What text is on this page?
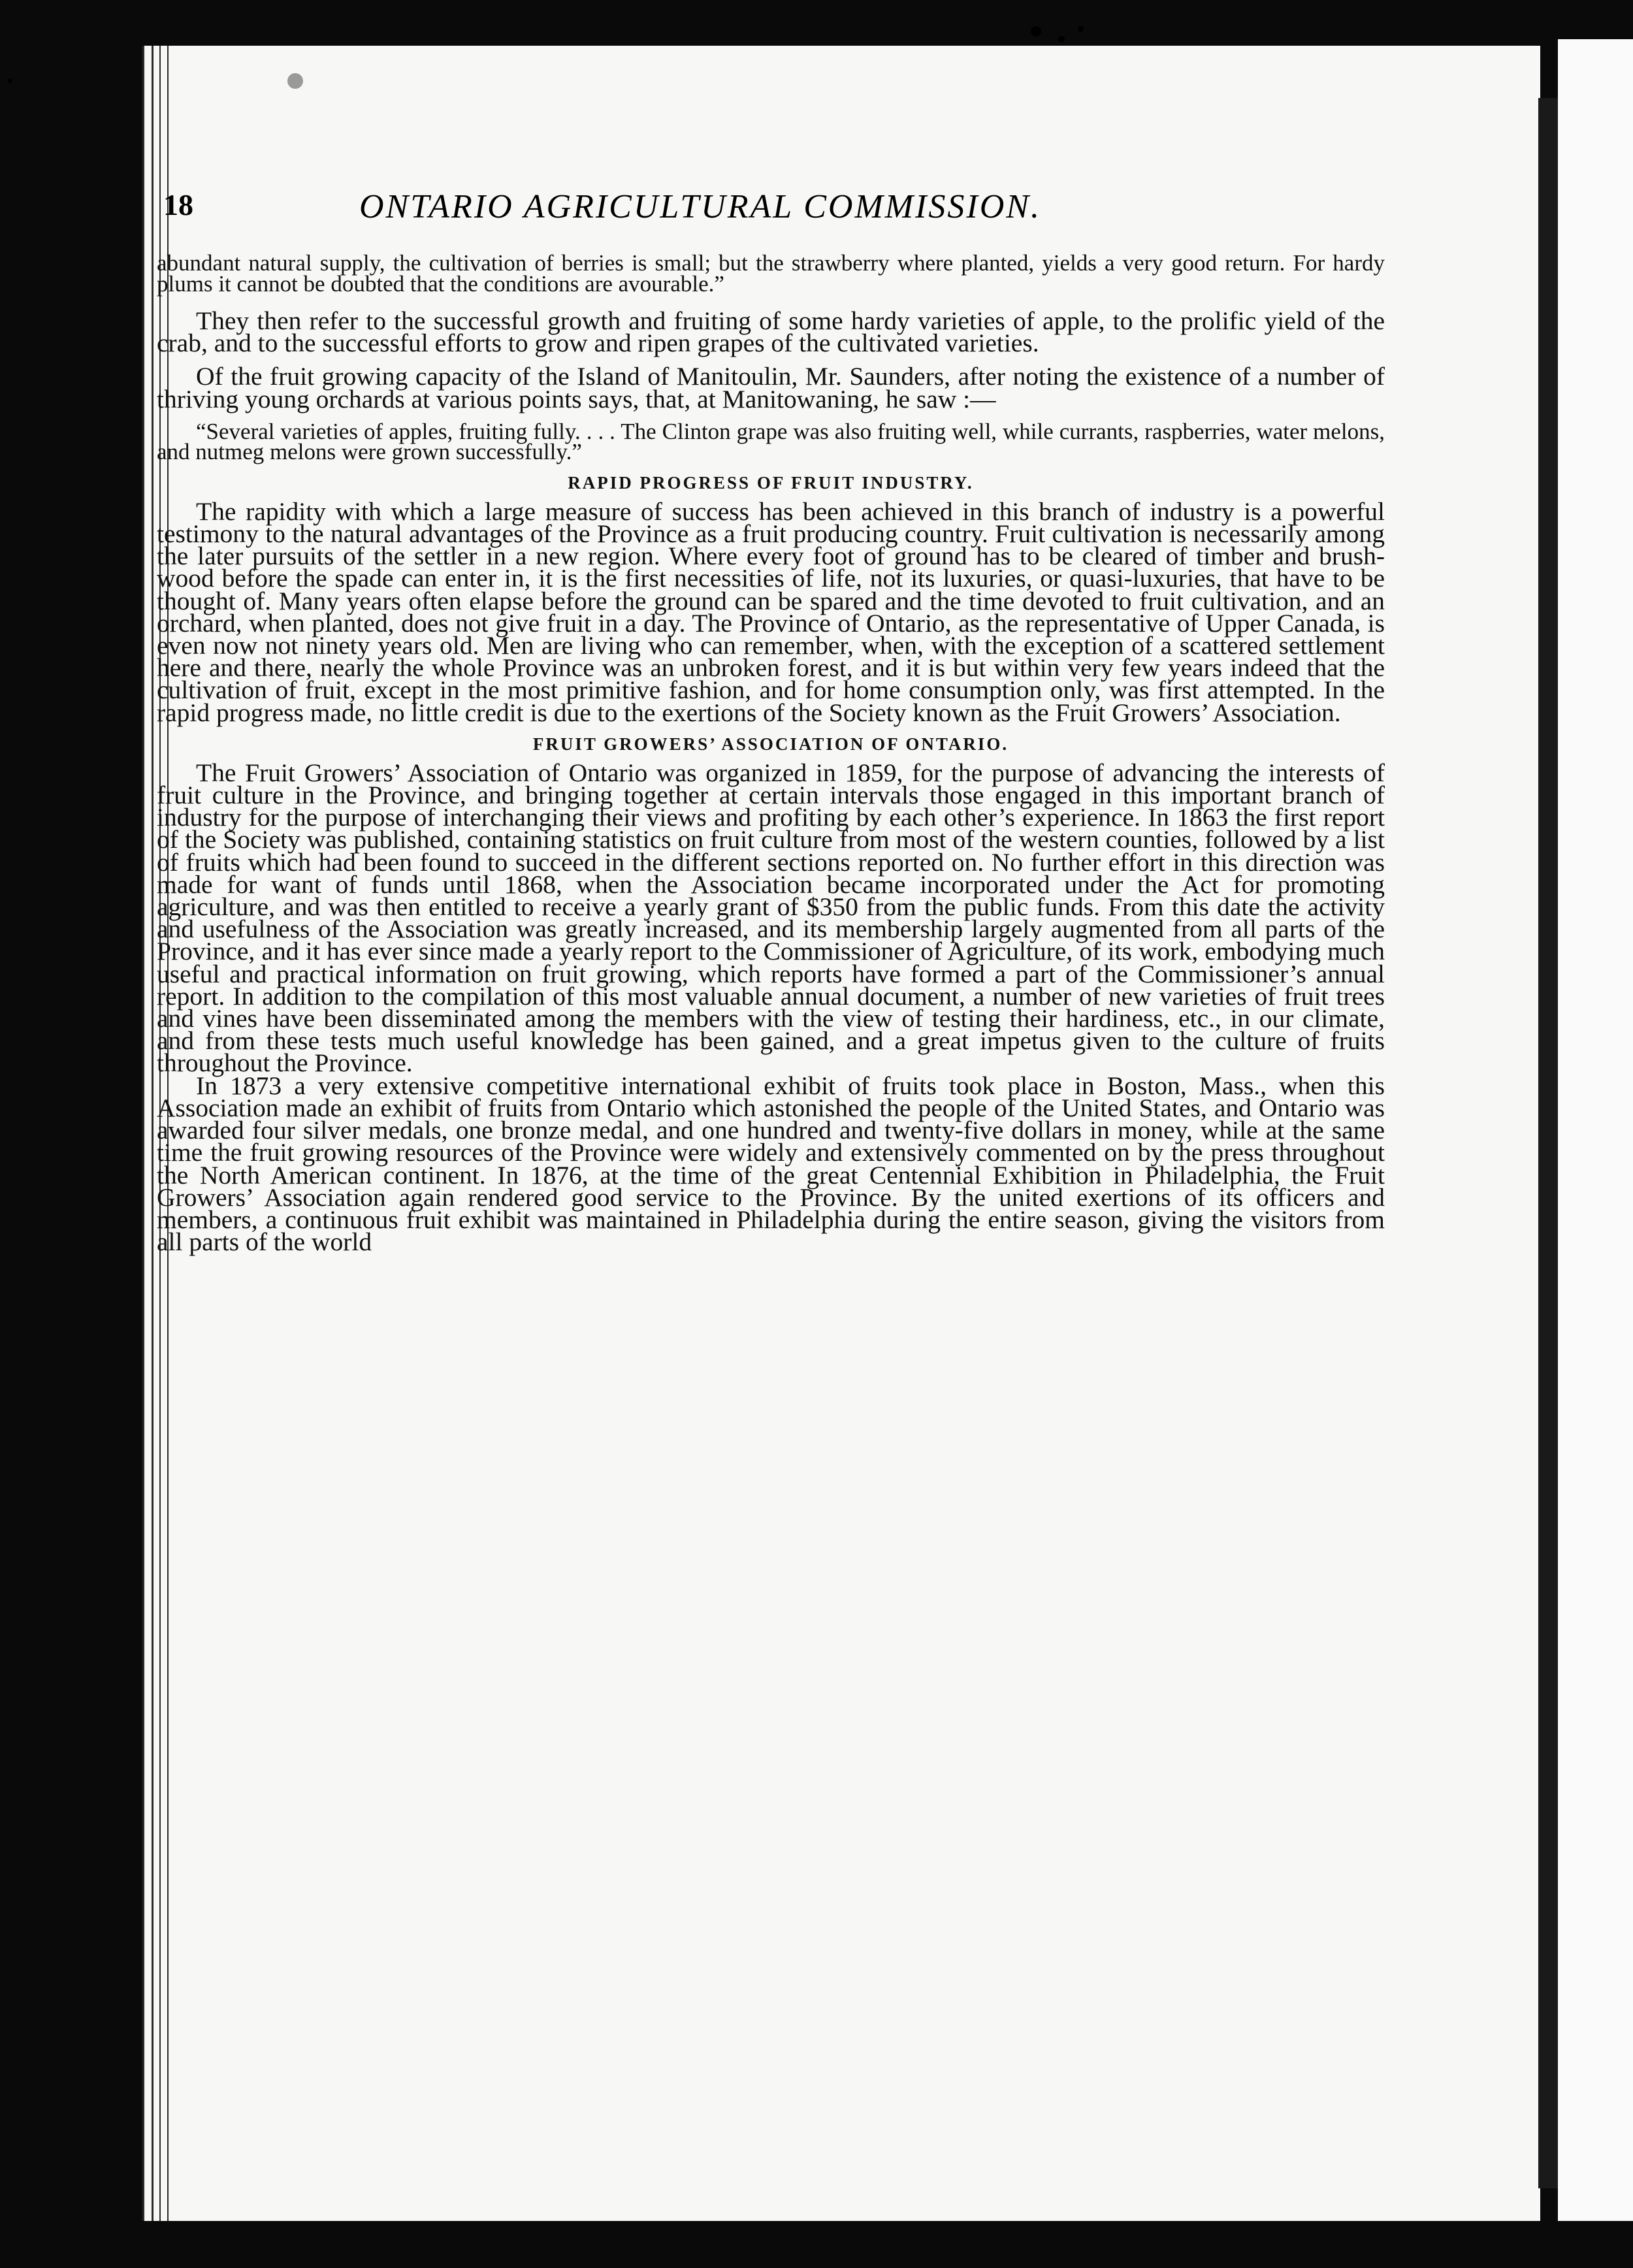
18	ONTARIO AGRICULTURAL COMMISSION.

abundant natural supply, the cultivation of berries is small; but the strawberry where planted, yields a very good return. For hardy plums it cannot be doubted that the conditions are avourable.”

They then refer to the successful growth and fruiting of some hardy varieties of apple, to the prolific yield of the crab, and to the successful efforts to grow and ripen grapes of the cultivated varieties.

Of the fruit growing capacity of the Island of Manitoulin, Mr. Saunders, after noting the existence of a number of thriving young orchards at various points says, that, at Manitowaning, he saw :—

“Several varieties of apples, fruiting fully. . . . The Clinton grape was also fruiting well, while currants, raspberries, water melons, and nutmeg melons were grown successfully.”

RAPID PROGRESS OF FRUIT INDUSTRY.

The rapidity with which a large measure of success has been achieved in this branch of industry is a powerful testimony to the natural advantages of the Province as a fruit producing country. Fruit cultivation is necessarily among the later pursuits of the settler in a new region. Where every foot of ground has to be cleared of timber and brush-wood before the spade can enter in, it is the first necessities of life, not its luxuries, or quasi-luxuries, that have to be thought of. Many years often elapse before the ground can be spared and the time devoted to fruit cultivation, and an orchard, when planted, does not give fruit in a day. The Province of Ontario, as the representative of Upper Canada, is even now not ninety years old. Men are living who can remember, when, with the exception of a scattered settlement here and there, nearly the whole Province was an unbroken forest, and it is but within very few years indeed that the cultivation of fruit, except in the most primitive fashion, and for home consumption only, was first attempted. In the rapid progress made, no little credit is due to the exertions of the Society known as the Fruit Growers’ Association.

FRUIT GROWERS’ ASSOCIATION OF ONTARIO.

The Fruit Growers’ Association of Ontario was organized in 1859, for the purpose of advancing the interests of fruit culture in the Province, and bringing together at certain intervals those engaged in this important branch of industry for the purpose of interchanging their views and profiting by each other’s experience. In 1863 the first report of the Society was published, containing statistics on fruit culture from most of the western counties, followed by a list of fruits which had been found to succeed in the different sections reported on. No further effort in this direction was made for want of funds until 1868, when the Association became incorporated under the Act for promoting agriculture, and was then entitled to receive a yearly grant of $350 from the public funds. From this date the activity and usefulness of the Association was greatly increased, and its membership largely augmented from all parts of the Province, and it has ever since made a yearly report to the Commissioner of Agriculture, of its work, embodying much useful and practical information on fruit growing, which reports have formed a part of the Commissioner’s annual report. In addition to the compilation of this most valuable annual document, a number of new varieties of fruit trees and vines have been disseminated among the members with the view of testing their hardiness, etc., in our climate, and from these tests much useful knowledge has been gained, and a great impetus given to the culture of fruits throughout the Province.

In 1873 a very extensive competitive international exhibit of fruits took place in Boston, Mass., when this Association made an exhibit of fruits from Ontario which astonished the people of the United States, and Ontario was awarded four silver medals, one bronze medal, and one hundred and twenty-five dollars in money, while at the same time the fruit growing resources of the Province were widely and extensively commented on by the press throughout the North American continent. In 1876, at the time of the great Centennial Exhibition in Philadelphia, the Fruit Growers’ Association again rendered good service to the Province. By the united exertions of its officers and members, a continuous fruit exhibit was maintained in Philadelphia during the entire season, giving the visitors from all parts of the world
